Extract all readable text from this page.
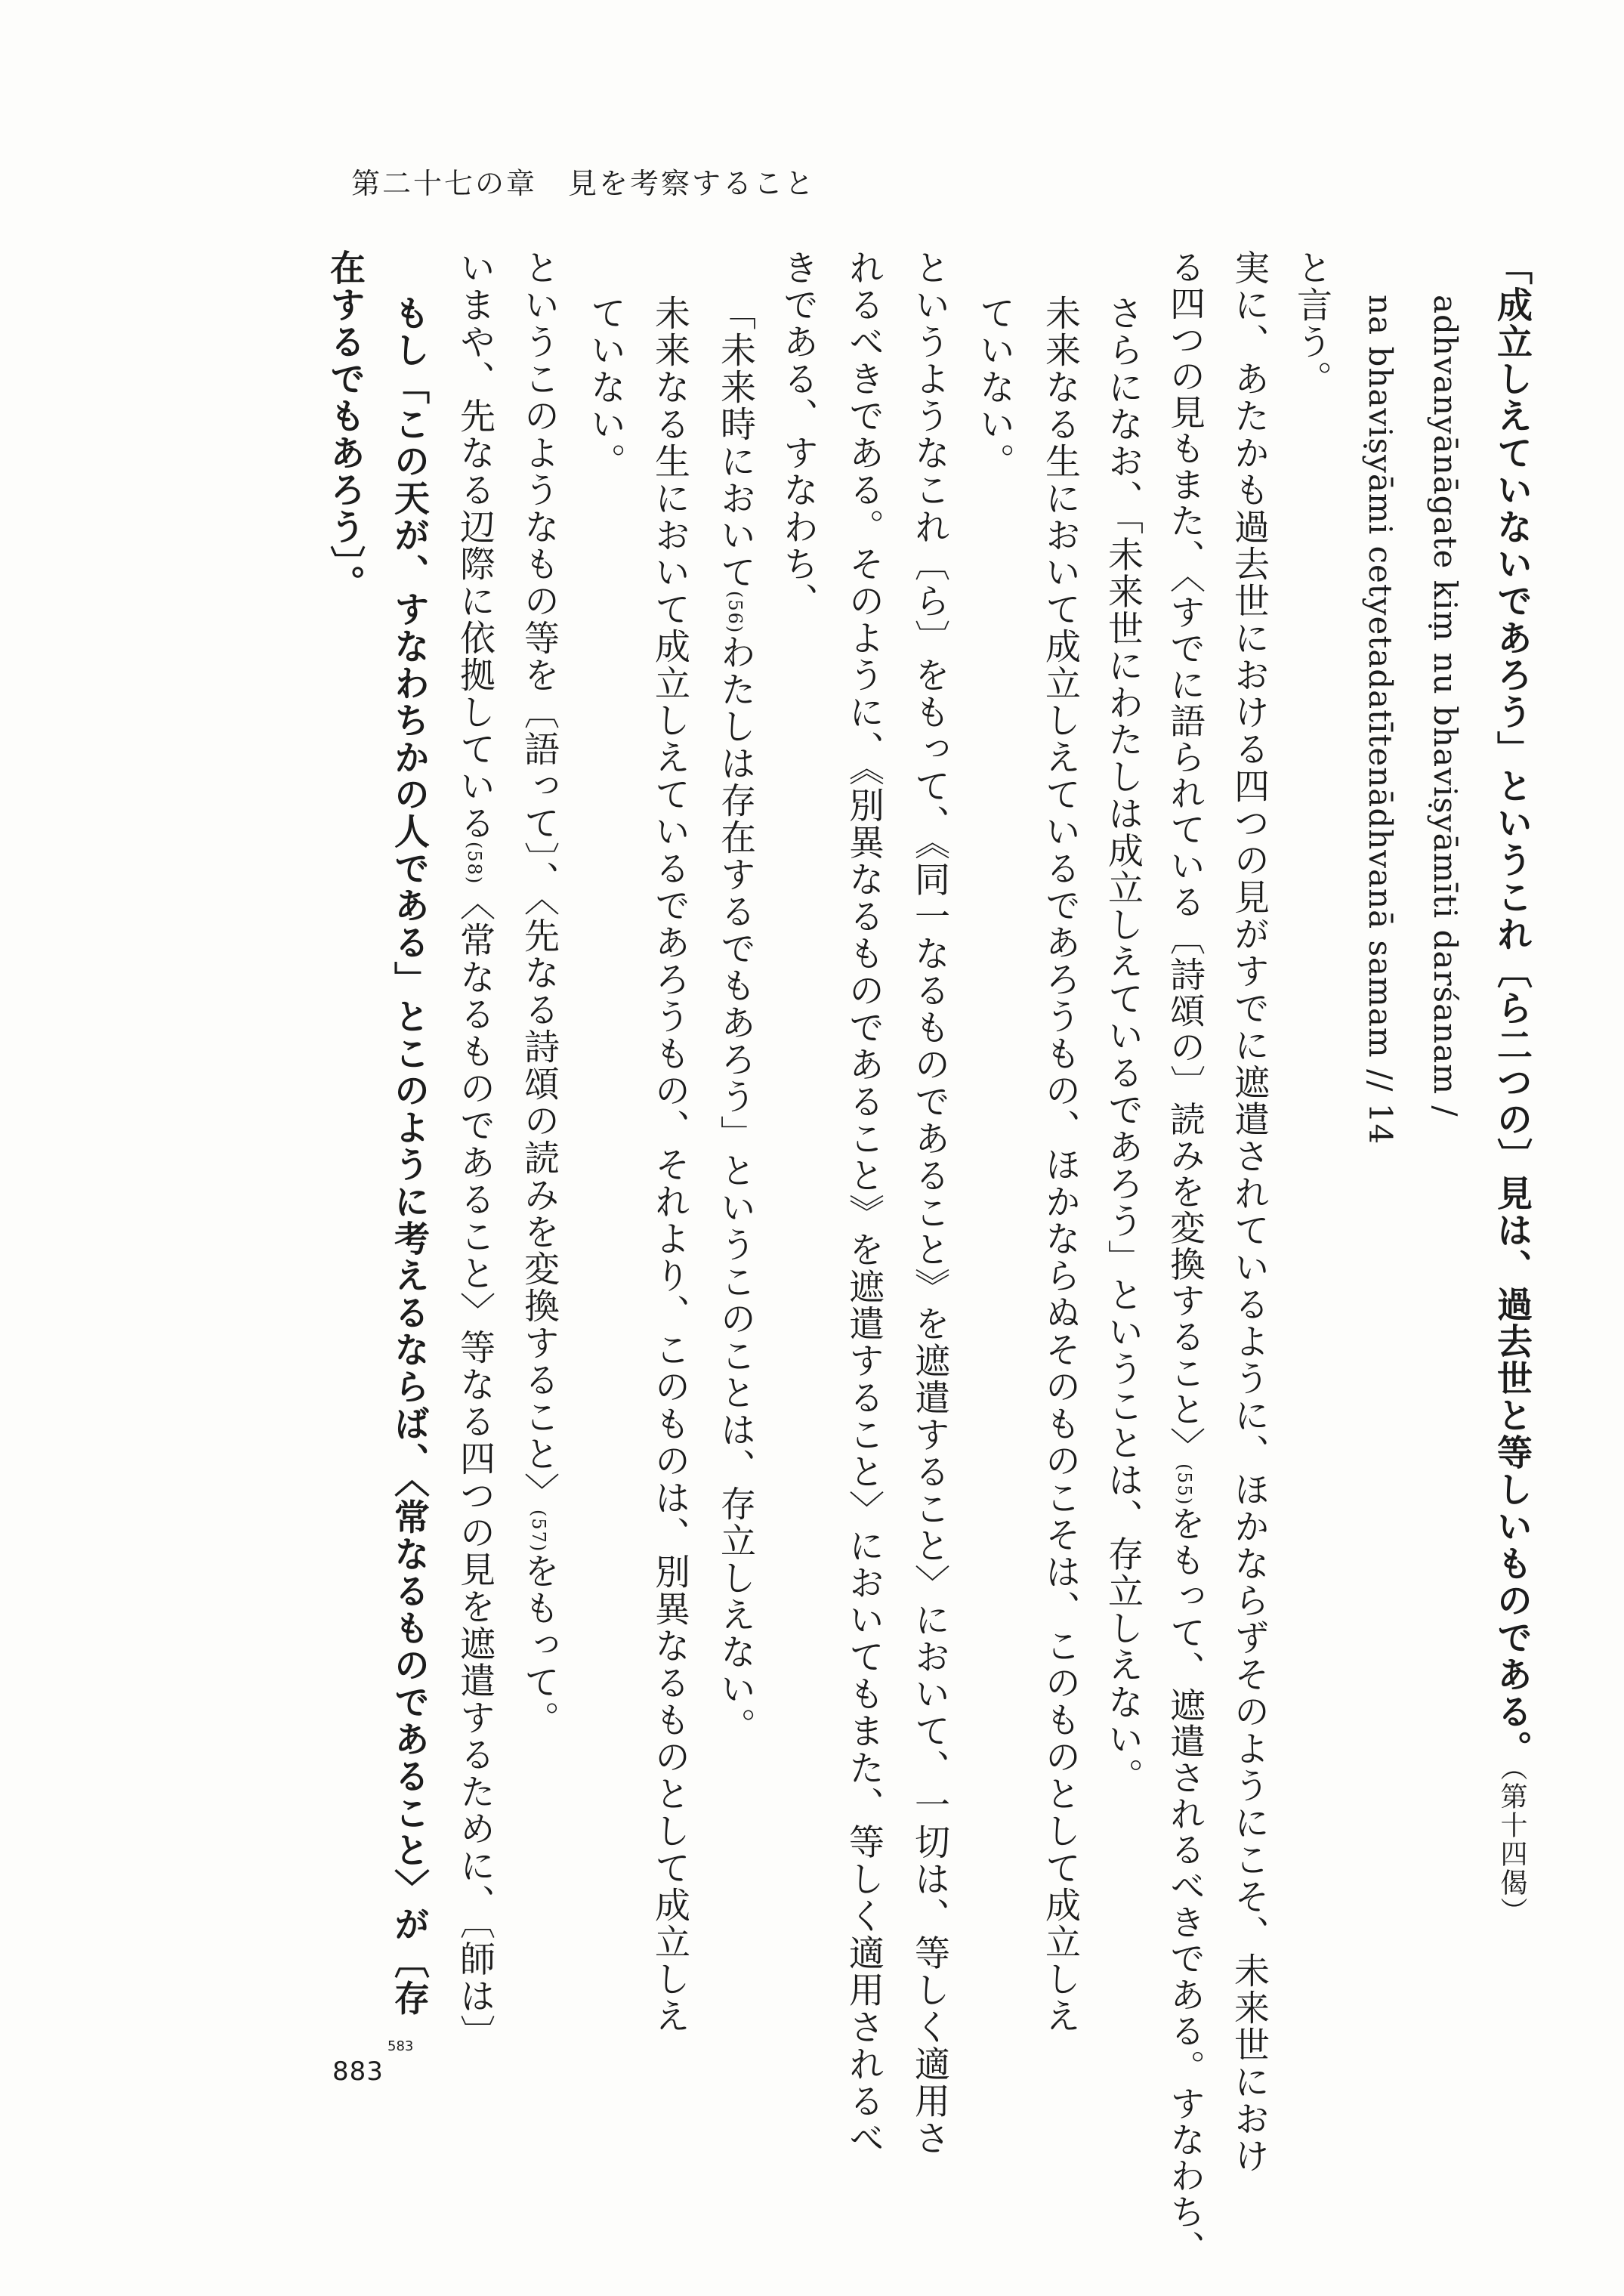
第二十七の章　見を考察すること
「成立しえていないであろう」というこれ〔ら二つの〕見は、過去世と等しいものである。（第十四偈）
adhvanyānāgate kiṃ nu bhaviṣyāmīti darśanam /
na bhaviṣyāmi cetyetadatītenādhvanā samam // 14
と言う。
実に、あたかも過去世における四つの見がすでに遮遣されているように、ほかならずそのようにこそ、未来世におけ
る四つの見もまた、〈すでに語られている〔詩頌の〕読みを変換すること〉(55)をもって、遮遣されるべきである。すなわち、
さらになお、「未来世にわたしは成立しえているであろう」ということは、存立しえない。
未来なる生において成立しえているであろうもの、ほかならぬそのものこそは、このものとして成立しえ
ていない。
というようなこれ〔ら〕をもって、《同一なるものであること》を遮遣すること〉において、一切は、等しく適用さ
れるべきである。そのように、《別異なるものであること》を遮遣すること〉においてもまた、等しく適用されるべ
きである、すなわち、
「未来時において(56)わたしは存在するでもあろう」というこのことは、存立しえない。
未来なる生において成立しえているであろうもの、それより、このものは、別異なるものとして成立しえ
ていない。
というこのようなもの等を〔語って〕、〈先なる詩頌の読みを変換すること〉(57)をもって。
いまや、先なる辺際に依拠している(58)〈常なるものであること〉等なる四つの見を遮遣するために、〔師は〕
もし「この天が、すなわちかの人である」とこのように考えるならば、〈常なるものであること〉が〔存
在するでもあろう〕。
583
883
